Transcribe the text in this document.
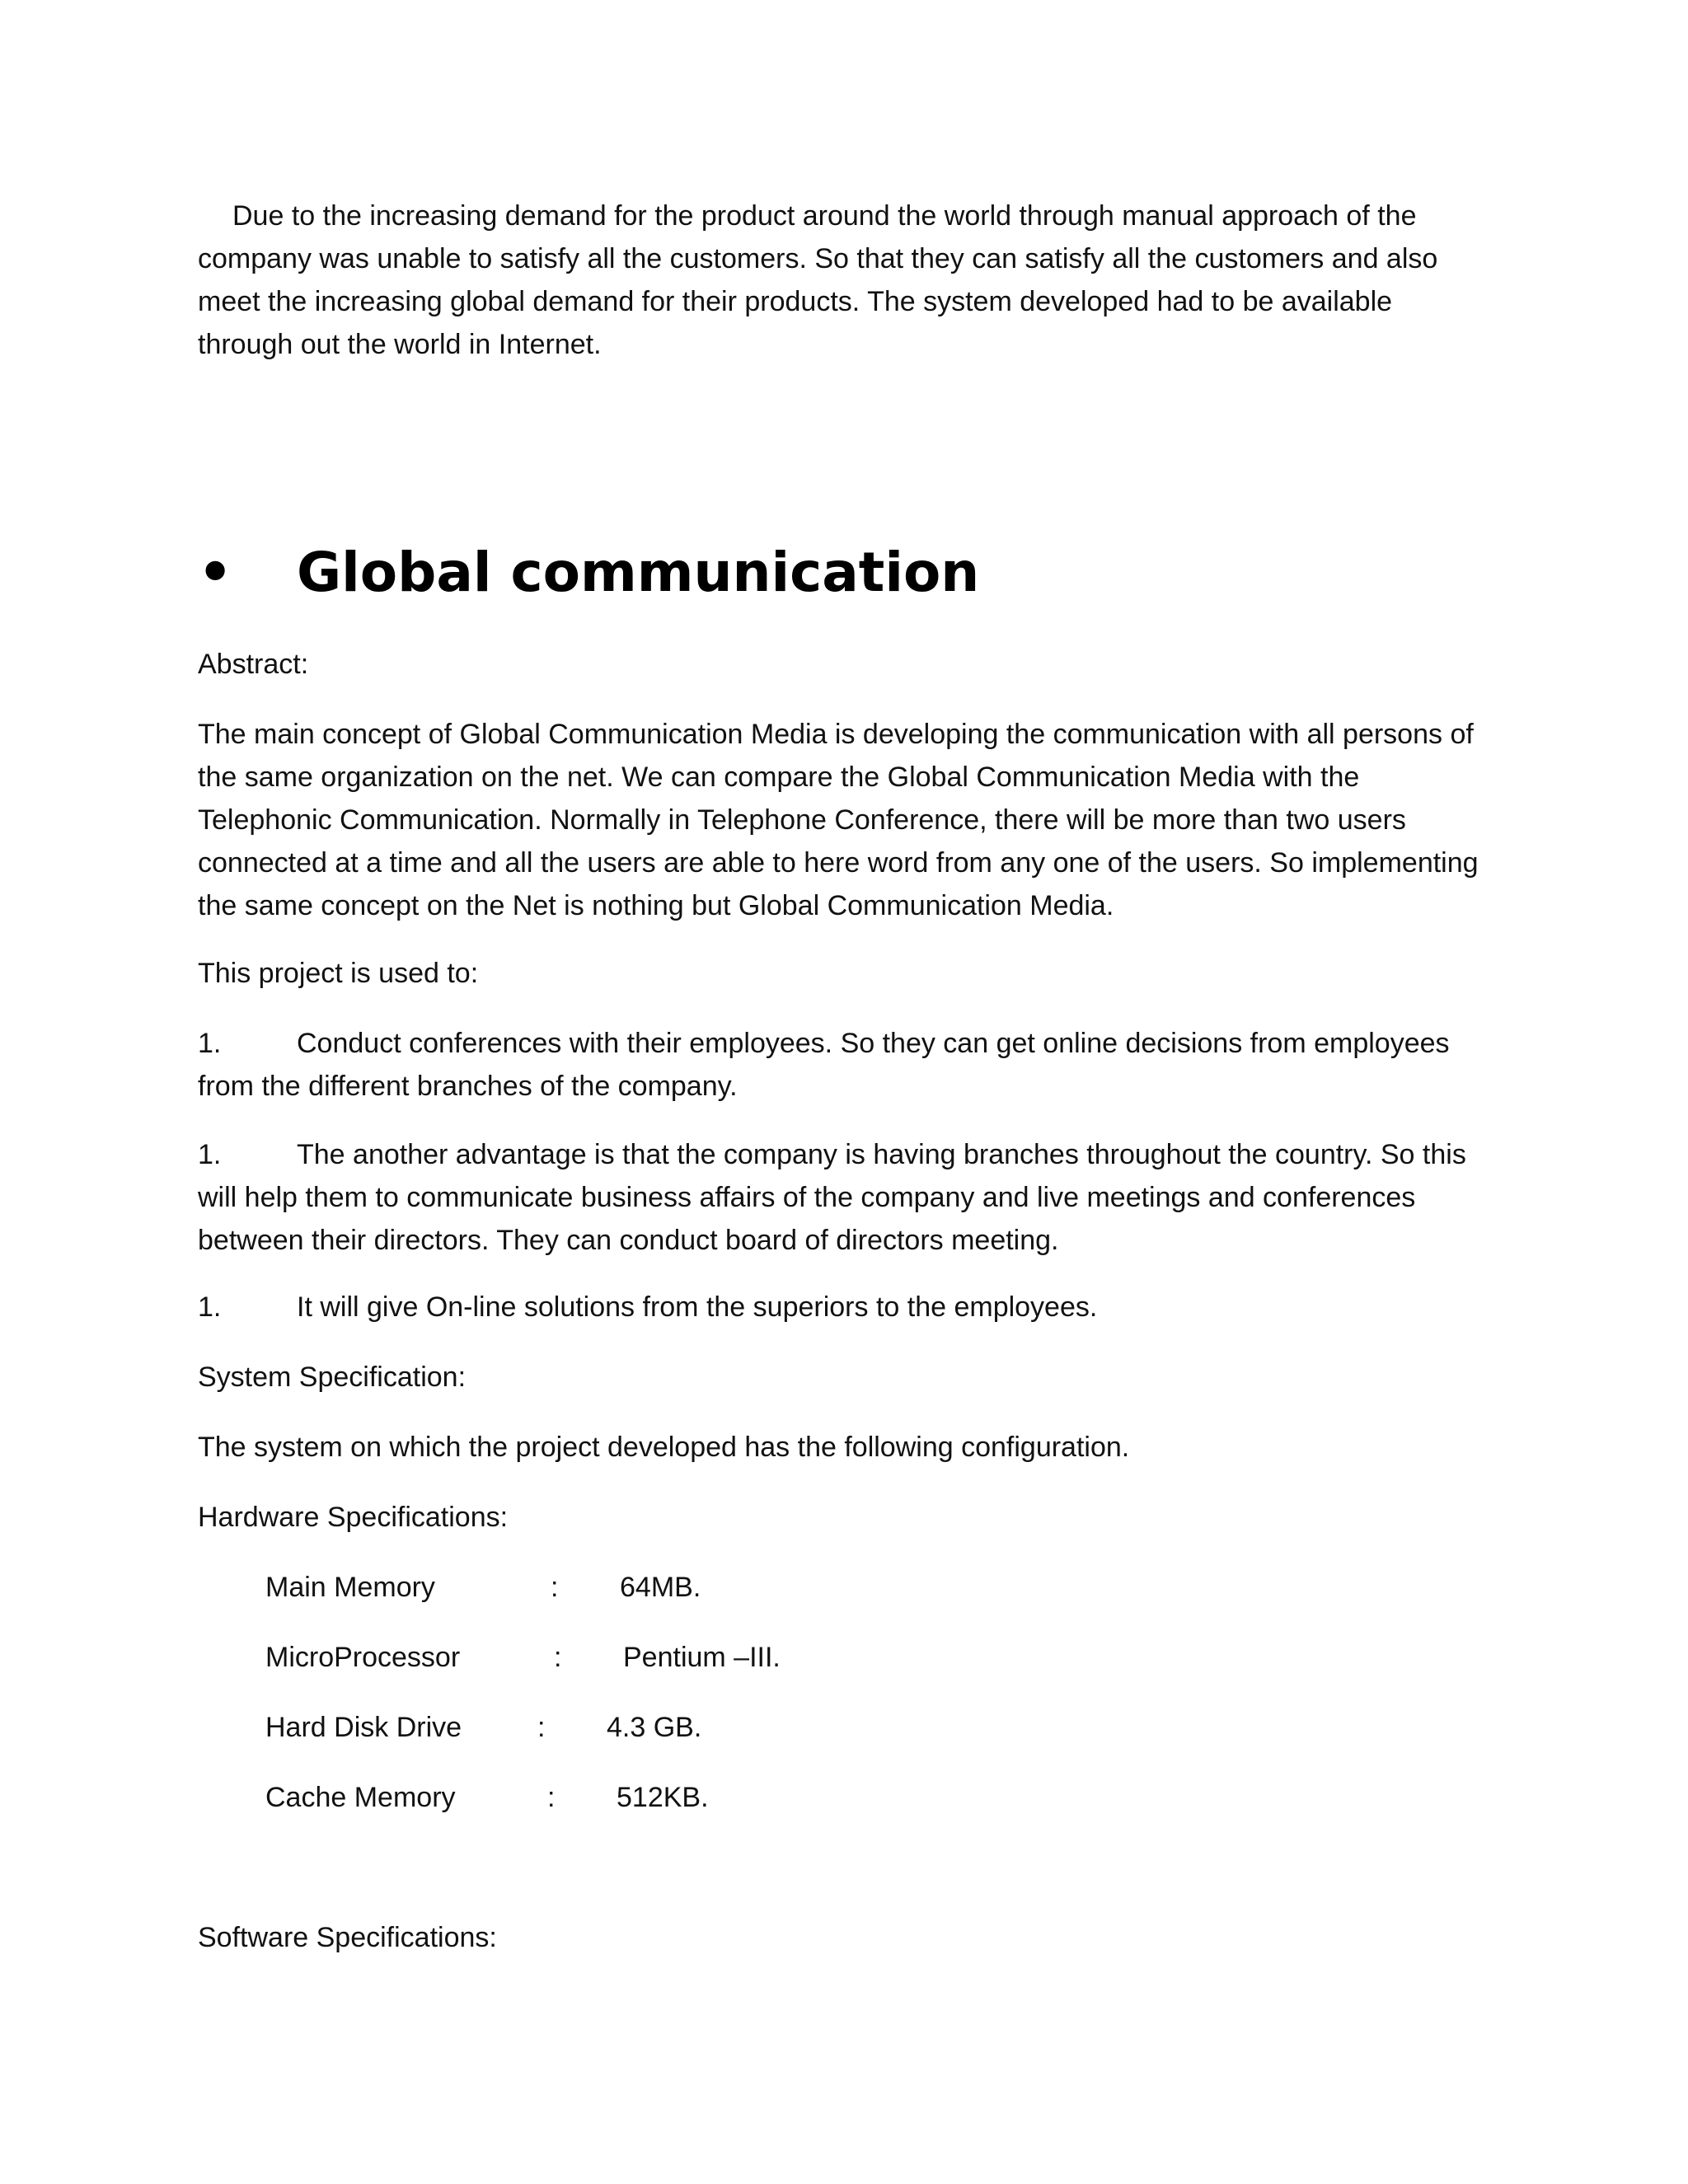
Due to the increasing demand for the product around the world through manual approach of the company was unable to satisfy all the customers. So that they can satisfy all the customers and also meet the increasing global demand for their products. The system developed had to be available through out the world in Internet.
• Global communication
Abstract:
The main concept of Global Communication Media is developing the communication with all persons of the same organization on the net. We can compare the Global Communication Media with the Telephonic Communication. Normally in Telephone Conference, there will be more than two users connected at a time and all the users are able to here word from any one of the users. So implementing the same concept on the Net is nothing but Global Communication Media.
This project is used to:
1.	Conduct conferences with their employees. So they can get online decisions from employees from the different branches of the company.
1.	The another advantage is that the company is having branches throughout the country. So this will help them to communicate business affairs of the company and live meetings and conferences between their directors. They can conduct board of directors meeting.
1.	It will give On-line solutions from the superiors to the employees.
System Specification:
The system on which the project developed has the following configuration.
Hardware Specifications:
Main Memory	: 64MB.
MicroProcessor	: Pentium –III.
Hard Disk Drive	: 4.3 GB.
Cache Memory	: 512KB.
Software Specifications:
